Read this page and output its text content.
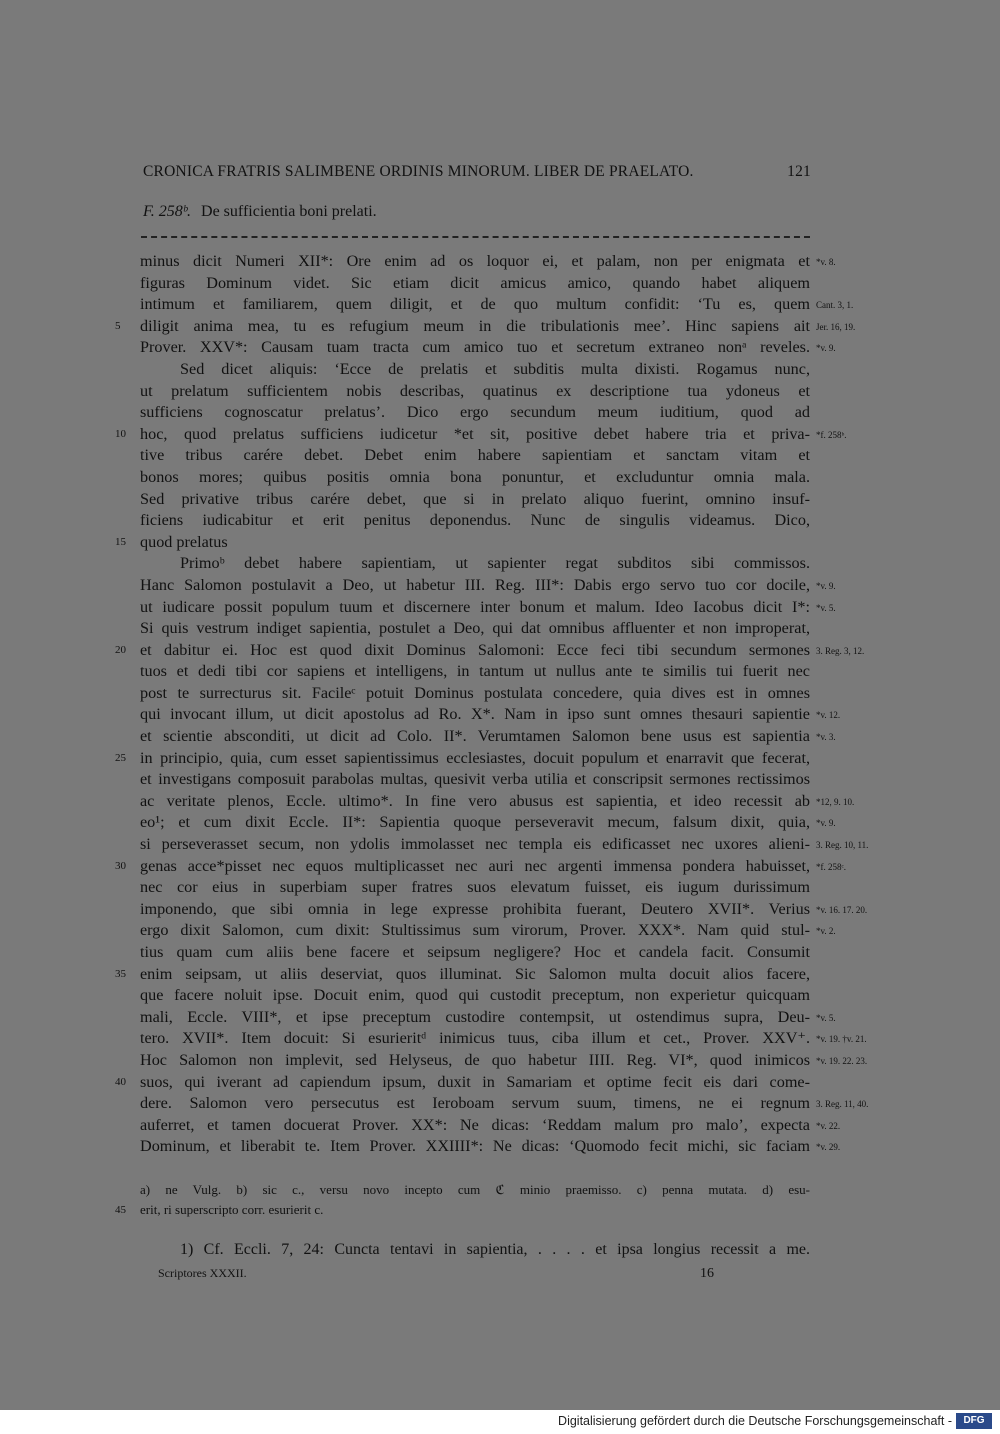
CRONICA FRATRIS SALIMBENE ORDINIS MINORUM. LIBER DE PRAELATO.	121
F. 258ᵇ. De sufficientia boni prelati.
minus dicit Numeri XII*: Ore enim ad os loquor ei, et palam, non per enigmata et *v. 8.
figuras Dominum videt. Sic etiam dicit amicus amico, quando habet aliquem
intimum et familiarem, quem diligit, et de quo multum confidit: ‘Tu es, quem Cant. 3, 1.
5 diligit anima mea, tu es refugium meum in die tribulationis mee’. Hinc sapiens ait Jer. 16, 19.
Prover. XXV*: Causam tuam tracta cum amico tuo et secretum extraneo nonᵃ reveles. *v. 9.
Sed dicet aliquis: ‘Ecce de prelatis et subditis multa dixisti. Rogamus nunc,
ut prelatum sufficientem nobis describas, quatinus ex descriptione tua ydoneus et
sufficiens cognoscatur prelatus’. Dico ergo secundum meum iuditium, quod ad
10 hoc, quod prelatus sufficiens iudicetur *et sit, positive debet habere tria et priva- *f. 258ᵇ.
tive tribus carére debet. Debet enim habere sapientiam et sanctam vitam et
bonos mores; quibus positis omnia bona ponuntur, et excluduntur omnia mala.
Sed privative tribus carére debet, que si in prelato aliquo fuerint, omnino insuf-
ficiens iudicabitur et erit penitus deponendus. Nunc de singulis videamus. Dico,
15 quod prelatus
Primoᵇ debet habere sapientiam, ut sapienter regat subditos sibi commissos.
Hanc Salomon postulavit a Deo, ut habetur III. Reg. III*: Dabis ergo servo tuo cor docile, *v. 9.
ut iudicare possit populum tuum et discernere inter bonum et malum. Ideo Iacobus dicit I*: *v. 5.
Si quis vestrum indiget sapientia, postulet a Deo, qui dat omnibus affluenter et non improperat,
20 et dabitur ei. Hoc est quod dixit Dominus Salomoni: Ecce feci tibi secundum sermones 3. Reg. 3, 12.
tuos et dedi tibi cor sapiens et intelligens, in tantum ut nullus ante te similis tui fuerit nec
post te surrecturus sit. Facileᶜ potuit Dominus postulata concedere, quia dives est in omnes
qui invocant illum, ut dicit apostolus ad Ro. X*. Nam in ipso sunt omnes thesauri sapientie *v. 12.
et scientie absconditi, ut dicit ad Colo. II*. Verumtamen Salomon bene usus est sapientia *v. 3.
25 in principio, quia, cum esset sapientissimus ecclesiastes, docuit populum et enarravit que fecerat,
et investigans composuit parabolas multas, quesivit verba utilia et conscripsit sermones rectissimos
ac veritate plenos, Eccle. ultimo*. In fine vero abusus est sapientia, et ideo recessit ab *12, 9. 10.
eo¹; et cum dixit Eccle. II*: Sapientia quoque perseveravit mecum, falsum dixit, quia, *v. 9.
si perseverasset secum, non ydolis immolasset nec templa eis edificasset nec uxores alieni- 3. Reg. 10, 11.
30 genas acce*pisset nec equos multiplicasset nec auri nec argenti immensa pondera habuisset, *f. 258ᶜ.
nec cor eius in superbiam super fratres suos elevatum fuisset, eis iugum durissimum
imponendo, que sibi omnia in lege expresse prohibita fuerant, Deutero XVII*. Verius *v. 16. 17. 20.
ergo dixit Salomon, cum dixit: Stultissimus sum virorum, Prover. XXX*. Nam quid stul- *v. 2.
tius quam cum aliis bene facere et seipsum negligere? Hoc et candela facit. Consumit
35 enim seipsam, ut aliis deserviat, quos illuminat. Sic Salomon multa docuit alios facere,
que facere noluit ipse. Docuit enim, quod qui custodit preceptum, non experietur quicquam
mali, Eccle. VIII*, et ipse preceptum custodire contempsit, ut ostendimus supra, Deu- *v. 5.
tero. XVII*. Item docuit: Si esurieritᵈ inimicus tuus, ciba illum et cet., Prover. XXV⁺. *v. 19. †v. 21.
Hoc Salomon non implevit, sed Helyseus, de quo habetur IIII. Reg. VI*, quod inimicos *v. 19. 22. 23.
40 suos, qui iverant ad capiendum ipsum, duxit in Samariam et optime fecit eis dari come-
dere. Salomon vero persecutus est Ieroboam servum suum, timens, ne ei regnum 3. Reg. 11, 40.
auferret, et tamen docuerat Prover. XX*: Ne dicas: ‘Reddam malum pro malo’, expecta *v. 22.
Dominum, et liberabit te. Item Prover. XXIIII*: Ne dicas: ‘Quomodo fecit michi, sic faciam *v. 29.
a) ne Vulg. b) sic c., versu novo incepto cum ℭ minio praemisso. c) penna mutata. d) esu-
45 erit, ri superscripto corr. esurierit c.
1) Cf. Eccli. 7, 24: Cuncta tentavi in sapientia, . . . . et ipsa longius recessit a me.
Scriptores XXXII.	16
Digitalisierung gefördert durch die Deutsche Forschungsgemeinschaft -	DFG
